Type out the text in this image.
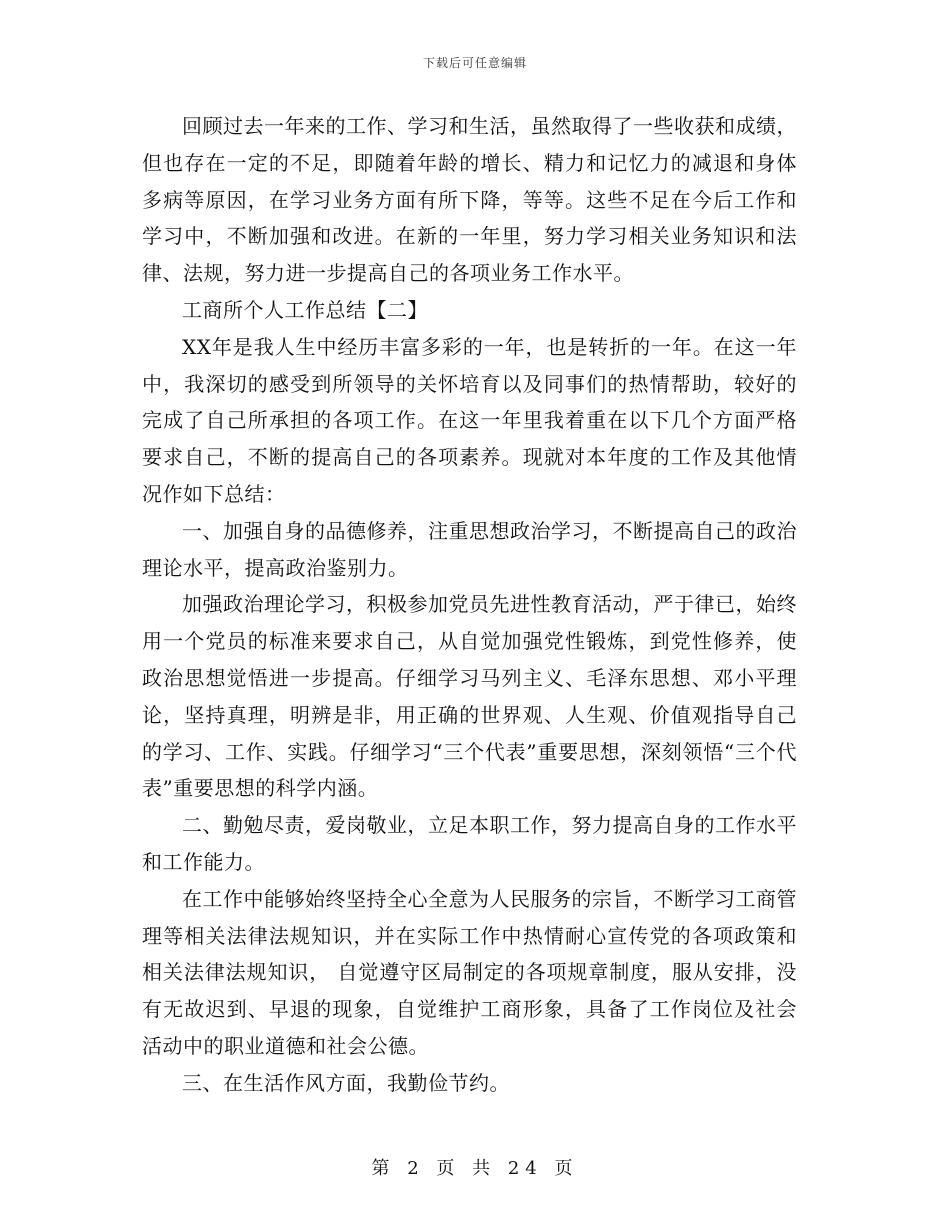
下载后可任意编辑

回顾过去一年来的工作、学习和生活，虽然取得了一些收获和成绩，但也存在一定的不足，即随着年龄的增长、精力和记忆力的减退和身体多病等原因，在学习业务方面有所下降，等等。这些不足在今后工作和学习中，不断加强和改进。在新的一年里，努力学习相关业务知识和法律、法规，努力进一步提高自己的各项业务工作水平。

工商所个人工作总结【二】

XX年是我人生中经历丰富多彩的一年，也是转折的一年。在这一年中，我深切的感受到所领导的关怀培育以及同事们的热情帮助，较好的完成了自己所承担的各项工作。在这一年里我着重在以下几个方面严格要求自己，不断的提高自己的各项素养。现就对本年度的工作及其他情况作如下总结：

一、加强自身的品德修养，注重思想政治学习，不断提高自己的政治理论水平，提高政治鉴别力。

加强政治理论学习，积极参加党员先进性教育活动，严于律已，始终用一个党员的标准来要求自己，从自觉加强党性锻炼，到党性修养，使政治思想觉悟进一步提高。仔细学习马列主义、毛泽东思想、邓小平理论，坚持真理，明辨是非，用正确的世界观、人生观、价值观指导自己的学习、工作、实践。仔细学习“三个代表”重要思想，深刻领悟“三个代表”重要思想的科学内涵。

二、勤勉尽责，爱岗敬业，立足本职工作，努力提高自身的工作水平和工作能力。

在工作中能够始终坚持全心全意为人民服务的宗旨，不断学习工商管理等相关法律法规知识，并在实际工作中热情耐心宣传党的各项政策和相关法律法规知识， 自觉遵守区局制定的各项规章制度，服从安排，没有无故迟到、早退的现象，自觉维护工商形象，具备了工作岗位及社会活动中的职业道德和社会公德。

三、在生活作风方面，我勤俭节约。

第 2 页 共 24 页
